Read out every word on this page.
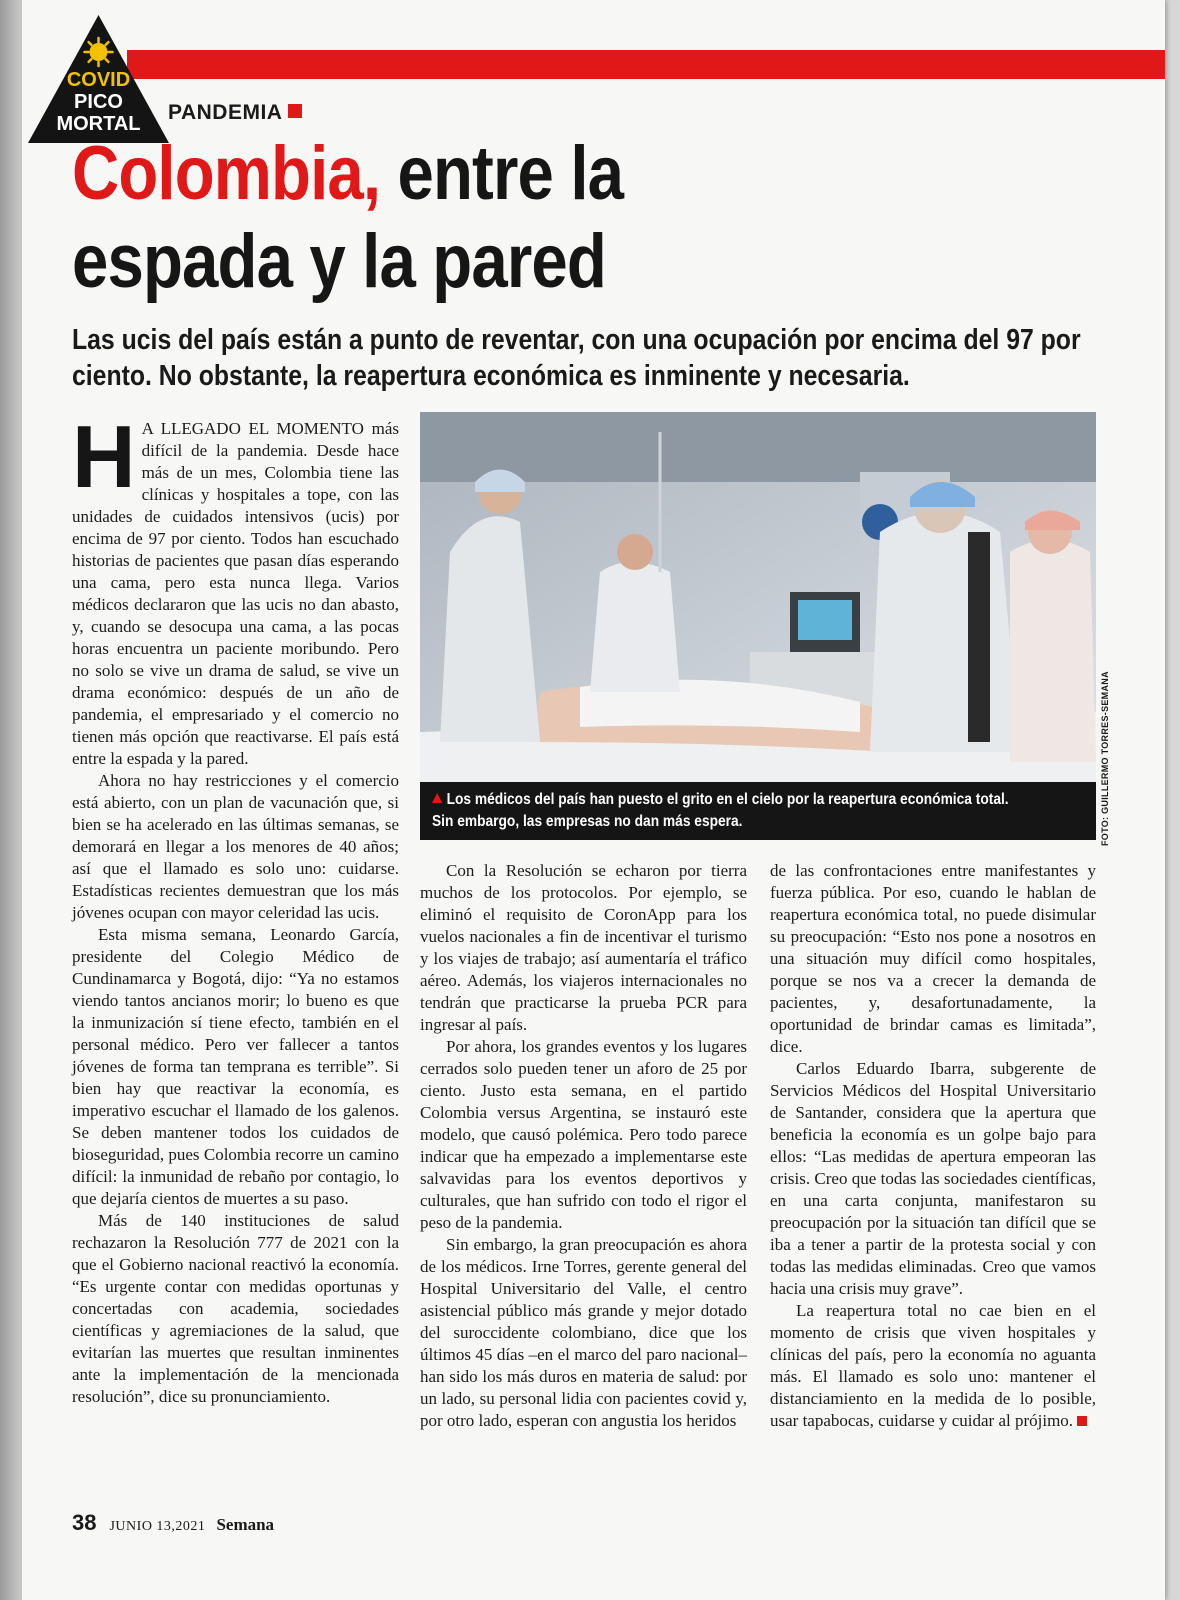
COVID
PICO
MORTAL	PANDEMIA
Colombia, entre la
espada y la pared

Las ucis del país están a punto de reventar, con una ocupación por encima del 97 por ciento. No obstante, la reapertura económica es inminente y necesaria.

H A LLEGADO EL MOMENTO más difícil de la pandemia. Desde hace más de un mes, Colombia tiene las clínicas y hospitales a tope, con las unidades de cuidados intensivos (ucis) por encima de 97 por ciento. Todos han escuchado historias de pacientes que pasan días esperando una cama, pero esta nunca llega. Varios médicos declararon que las ucis no dan abasto, y, cuando se desocupa una cama, a las pocas horas encuentra un paciente moribundo. Pero no solo se vive un drama de salud, se vive un drama económico: después de un año de pandemia, el empresariado y el comercio no tienen más opción que reactivarse. El país está entre la espada y la pared.

Ahora no hay restricciones y el comercio está abierto, con un plan de vacunación que, si bien se ha acelerado en las últimas semanas, se demorará en llegar a los menores de 40 años; así que el llamado es solo uno: cuidarse. Estadísticas recientes demuestran que los más jóvenes ocupan con mayor celeridad las ucis.

Esta misma semana, Leonardo García, presidente del Colegio Médico de Cundinamarca y Bogotá, dijo: “Ya no estamos viendo tantos ancianos morir; lo bueno es que la inmunización sí tiene efecto, también en el personal médico. Pero ver fallecer a tantos jóvenes de forma tan temprana es terrible”. Si bien hay que reactivar la economía, es imperativo escuchar el llamado de los galenos. Se deben mantener todos los cuidados de bioseguridad, pues Colombia recorre un camino difícil: la inmunidad de rebaño por contagio, lo que dejaría cientos de muertes a su paso.

Más de 140 instituciones de salud rechazaron la Resolución 777 de 2021 con la que el Gobierno nacional reactivó la economía. “Es urgente contar con medidas oportunas y concertadas con academia, sociedades científicas y agremiaciones de la salud, que evitarían las muertes que resultan inminentes ante la implementación de la mencionada resolución”, dice su pronunciamiento.

Los médicos del país han puesto el grito en el cielo por la reapertura económica total.
Sin embargo, las empresas no dan más espera.	FOTO: GUILLERMO TORRES-SEMANA

Con la Resolución se echaron por tierra muchos de los protocolos. Por ejemplo, se eliminó el requisito de CoronApp para los vuelos nacionales a fin de incentivar el turismo y los viajes de trabajo; así aumentaría el tráfico aéreo. Además, los viajeros internacionales no tendrán que practicarse la prueba PCR para ingresar al país.

Por ahora, los grandes eventos y los lugares cerrados solo pueden tener un aforo de 25 por ciento. Justo esta semana, en el partido Colombia versus Argentina, se instauró este modelo, que causó polémica. Pero todo parece indicar que ha empezado a implementarse este salvavidas para los eventos deportivos y culturales, que han sufrido con todo el rigor el peso de la pandemia.

Sin embargo, la gran preocupación es ahora de los médicos. Irne Torres, gerente general del Hospital Universitario del Valle, el centro asistencial público más grande y mejor dotado del suroccidente colombiano, dice que los últimos 45 días –en el marco del paro nacional– han sido los más duros en materia de salud: por un lado, su personal lidia con pacientes covid y, por otro lado, esperan con angustia los heridos

de las confrontaciones entre manifestantes y fuerza pública. Por eso, cuando le hablan de reapertura económica total, no puede disimular su preocupación: “Esto nos pone a nosotros en una situación muy difícil como hospitales, porque se nos va a crecer la demanda de pacientes, y, desafortunadamente, la oportunidad de brindar camas es limitada”, dice.

Carlos Eduardo Ibarra, subgerente de Servicios Médicos del Hospital Universitario de Santander, considera que la apertura que beneficia la economía es un golpe bajo para ellos: “Las medidas de apertura empeoran las crisis. Creo que todas las sociedades científicas, en una carta conjunta, manifestaron su preocupación por la situación tan difícil que se iba a tener a partir de la protesta social y con todas las medidas eliminadas. Creo que vamos hacia una crisis muy grave”.

La reapertura total no cae bien en el momento de crisis que viven hospitales y clínicas del país, pero la economía no aguanta más. El llamado es solo uno: mantener el distanciamiento en la medida de lo posible, usar tapabocas, cuidarse y cuidar al prójimo.

38 JUNIO 13,2021 Semana
